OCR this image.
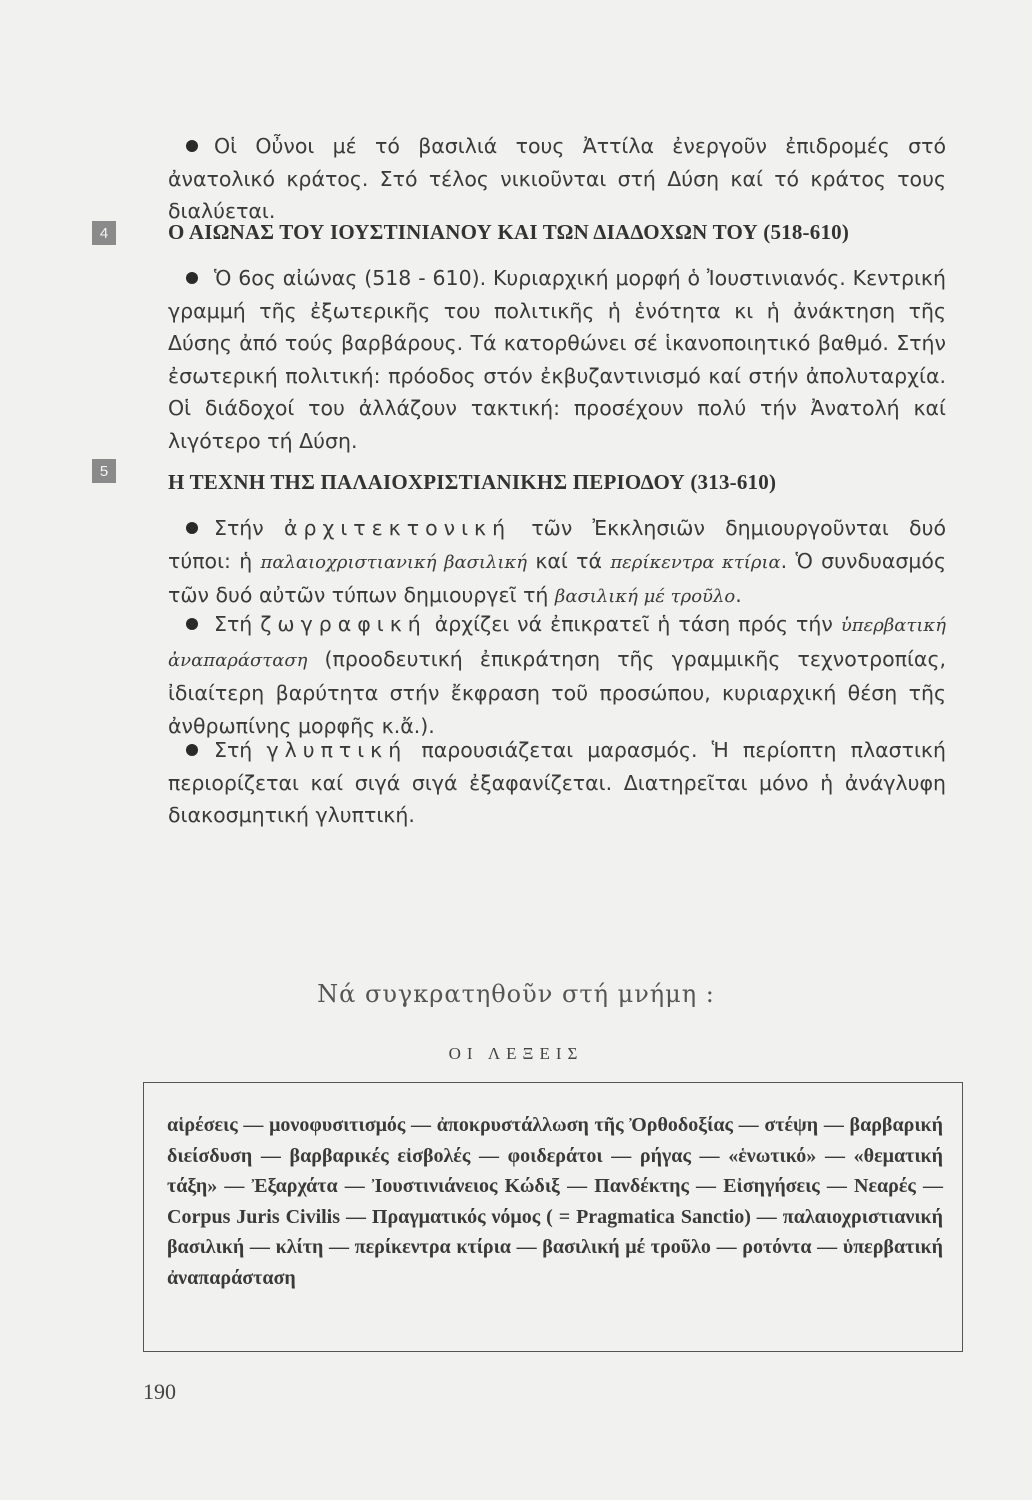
Οἱ Οὖνοι μέ τό βασιλιά τους Ἀττίλα ἐνεργοῦν ἐπιδρομές στό ἀνατολικό κράτος. Στό τέλος νικιοῦνται στή Δύση καί τό κράτος τους διαλύεται.

4	Ο ΑΙΩΝΑΣ ΤΟΥ ΙΟΥΣΤΙΝΙΑΝΟΥ ΚΑΙ ΤΩΝ ΔΙΑΔΟΧΩΝ ΤΟΥ (518-610)

Ὁ 6ος αἰώνας (518 - 610). Κυριαρχική μορφή ὁ Ἰουστινιανός. Κεντρική γραμμή τῆς ἐξωτερικῆς του πολιτικῆς ἡ ἑνότητα κι ἡ ἀνάκτηση τῆς Δύσης ἀπό τούς βαρβάρους. Τά κατορθώνει σέ ἱκανοποιητικό βαθμό. Στήν ἐσωτερική πολιτική: πρόοδος στόν ἐκβυζαντινισμό καί στήν ἀπολυταρχία. Οἱ διάδοχοί του ἀλλάζουν τακτική: προσέχουν πολύ τήν Ἀνατολή καί λιγότερο τή Δύση.

5	Η ΤΕΧΝΗ ΤΗΣ ΠΑΛΑΙΟΧΡΙΣΤΙΑΝΙΚΗΣ ΠΕΡΙΟΔΟΥ (313-610)

Στήν ἀρχιτεκτονική τῶν Ἐκκλησιῶν δημιουργοῦνται δυό τύποι: ἡ παλαιοχριστιανική βασιλική καί τά περίκεντρα κτίρια. Ὁ συνδυασμός τῶν δυό αὐτῶν τύπων δημιουργεῖ τή βασιλική μέ τροῦλο.

Στή ζωγραφική ἀρχίζει νά ἐπικρατεῖ ἡ τάση πρός τήν ὑπερβατική ἀναπαράσταση (προοδευτική ἐπικράτηση τῆς γραμμικῆς τεχνοτροπίας, ἰδιαίτερη βαρύτητα στήν ἔκφραση τοῦ προσώπου, κυριαρχική θέση τῆς ἀνθρωπίνης μορφῆς κ.ἄ.).

Στή γλυπτική παρουσιάζεται μαρασμός. Ἡ περίοπτη πλαστική περιορίζεται καί σιγά σιγά ἐξαφανίζεται. Διατηρεῖται μόνο ἡ ἀνάγλυφη διακοσμητική γλυπτική.

Νά συγκρατηθοῦν στή μνήμη :
ΟΙ ΛΕΞΕΙΣ
αἱρέσεις — μονοφυσιτισμός — ἀποκρυστάλλωση τῆς Ὀρθοδοξίας — στέψη — βαρβαρική διείσδυση — βαρβαρικές εἰσβολές — φοιδεράτοι — ρήγας — «ἑνωτικό» — «θεματική τάξη» — Ἐξαρχάτα — Ἰουστινιάνειος Κώδιξ — Πανδέκτης — Εἰσηγήσεις — Νεαρές — Corpus Juris Civilis — Πραγματικός νόμος ( = Pragmatica Sanctio) — παλαιοχριστιανική βασιλική — κλίτη — περίκεντρα κτίρια — βασιλική μέ τροῦλο — ροτόντα — ὑπερβατική ἀναπαράσταση
190
